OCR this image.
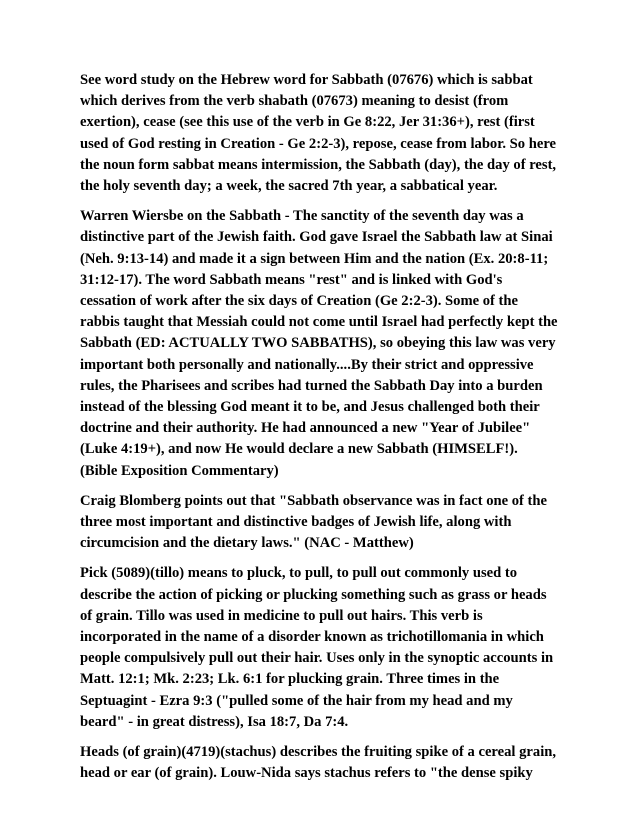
See word study on the Hebrew word for Sabbath (07676) which is sabbat which derives from the verb shabath (07673) meaning to desist (from exertion), cease (see this use of the verb in Ge 8:22, Jer 31:36+), rest (first used of God resting in Creation - Ge 2:2-3), repose, cease from labor. So here the noun form sabbat means intermission, the Sabbath (day), the day of rest, the holy seventh day; a week, the sacred 7th year, a sabbatical year.

Warren Wiersbe on the Sabbath - The sanctity of the seventh day was a distinctive part of the Jewish faith. God gave Israel the Sabbath law at Sinai (Neh. 9:13-14) and made it a sign between Him and the nation (Ex. 20:8-11; 31:12-17). The word Sabbath means "rest" and is linked with God's cessation of work after the six days of Creation (Ge 2:2-3). Some of the rabbis taught that Messiah could not come until Israel had perfectly kept the Sabbath (ED: ACTUALLY TWO SABBATHS), so obeying this law was very important both personally and nationally....By their strict and oppressive rules, the Pharisees and scribes had turned the Sabbath Day into a burden instead of the blessing God meant it to be, and Jesus challenged both their doctrine and their authority. He had announced a new "Year of Jubilee" (Luke 4:19+), and now He would declare a new Sabbath (HIMSELF!). (Bible Exposition Commentary)

Craig Blomberg points out that "Sabbath observance was in fact one of the three most important and distinctive badges of Jewish life, along with circumcision and the dietary laws." (NAC - Matthew)

Pick (5089)(tillo) means to pluck, to pull, to pull out commonly used to describe the action of picking or plucking something such as grass or heads of grain. Tillo was used in medicine to pull out hairs. This verb is incorporated in the name of a disorder known as trichotillomania in which people compulsively pull out their hair. Uses only in the synoptic accounts in Matt. 12:1; Mk. 2:23; Lk. 6:1 for plucking grain. Three times in the Septuagint - Ezra 9:3 ("pulled some of the hair from my head and my beard" - in great distress), Isa 18:7, Da 7:4.

Heads (of grain)(4719)(stachus) describes the fruiting spike of a cereal grain, head or ear (of grain). Louw-Nida says stachus refers to "the dense spiky
